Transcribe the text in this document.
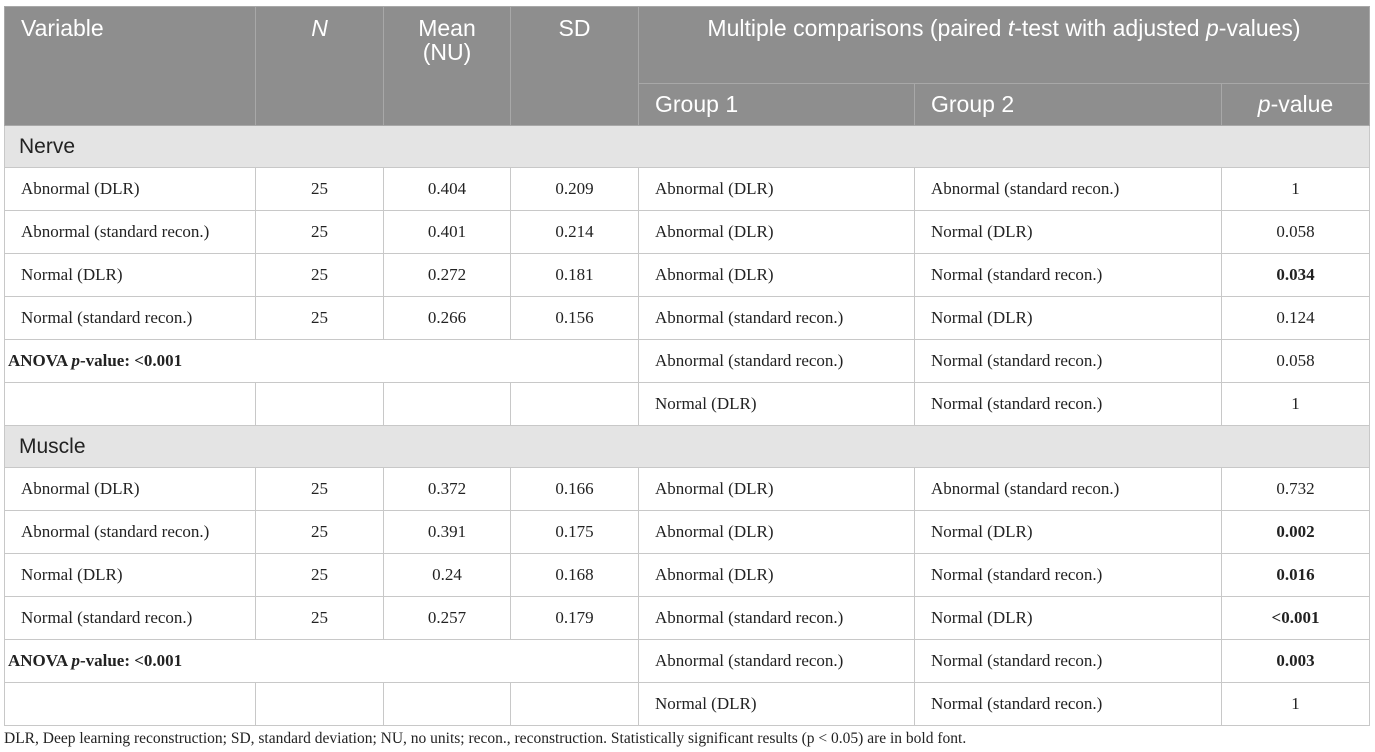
Variable	N	Mean (NU)	SD	Multiple comparisons (paired t-test with adjusted p-values)		
				Group 1	Group 2	p-value
Nerve						
Abnormal (DLR)	25	0.404	0.209	Abnormal (DLR)	Abnormal (standard recon.)	1
Abnormal (standard recon.)	25	0.401	0.214	Abnormal (DLR)	Normal (DLR)	0.058
Normal (DLR)	25	0.272	0.181	Abnormal (DLR)	Normal (standard recon.)	0.034
Normal (standard recon.)	25	0.266	0.156	Abnormal (standard recon.)	Normal (DLR)	0.124
ANOVA p-value: <0.001				Abnormal (standard recon.)	Normal (standard recon.)	0.058
				Normal (DLR)	Normal (standard recon.)	1
Muscle						
Abnormal (DLR)	25	0.372	0.166	Abnormal (DLR)	Abnormal (standard recon.)	0.732
Abnormal (standard recon.)	25	0.391	0.175	Abnormal (DLR)	Normal (DLR)	0.002
Normal (DLR)	25	0.24	0.168	Abnormal (DLR)	Normal (standard recon.)	0.016
Normal (standard recon.)	25	0.257	0.179	Abnormal (standard recon.)	Normal (DLR)	<0.001
ANOVA p-value: <0.001				Abnormal (standard recon.)	Normal (standard recon.)	0.003
				Normal (DLR)	Normal (standard recon.)	1
DLR, Deep learning reconstruction; SD, standard deviation; NU, no units; recon., reconstruction. Statistically significant results (p < 0.05) are in bold font.
